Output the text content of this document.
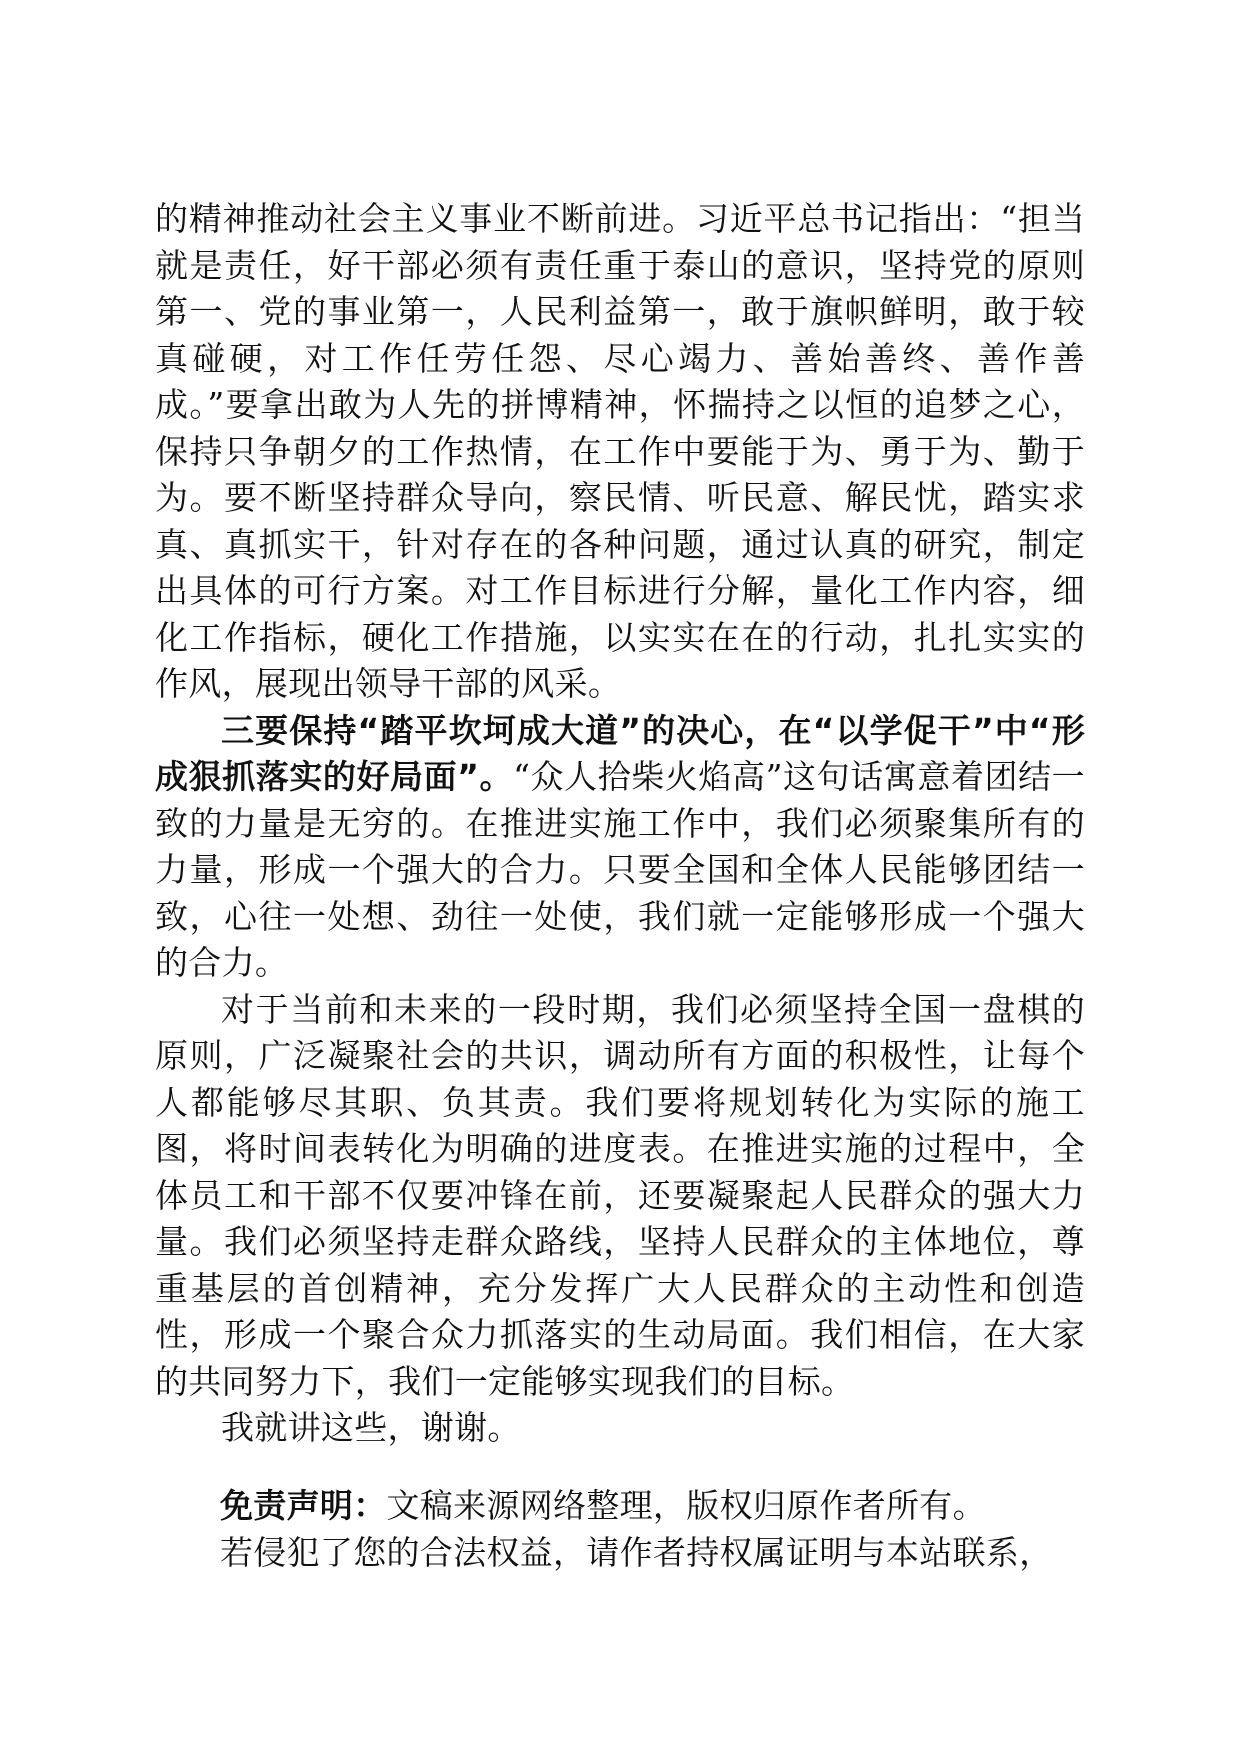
的精神推动社会主义事业不断前进。习近平总书记指出：“担当就是责任，好干部必须有责任重于泰山的意识，坚持党的原则第一、党的事业第一，人民利益第一，敢于旗帜鲜明，敢于较真碰硬，对工作任劳任怨、尽心竭力、善始善终、善作善成。”要拿出敢为人先的拼博精神，怀揣持之以恒的追梦之心，保持只争朝夕的工作热情，在工作中要能于为、勇于为、勤于为。要不断坚持群众导向，察民情、听民意、解民忧，踏实求真、真抓实干，针对存在的各种问题，通过认真的研究，制定出具体的可行方案。对工作目标进行分解，量化工作内容，细化工作指标，硬化工作措施，以实实在在的行动，扎扎实实的作风，展现出领导干部的风采。

三要保持“踏平坎坷成大道”的决心，在“以学促干”中“形成狠抓落实的好局面”。“众人拾柴火焰高”这句话寓意着团结一致的力量是无穷的。在推进实施工作中，我们必须聚集所有的力量，形成一个强大的合力。只要全国和全体人民能够团结一致，心往一处想、劲往一处使，我们就一定能够形成一个强大的合力。

对于当前和未来的一段时期，我们必须坚持全国一盘棋的原则，广泛凝聚社会的共识，调动所有方面的积极性，让每个人都能够尽其职、负其责。我们要将规划转化为实际的施工图，将时间表转化为明确的进度表。在推进实施的过程中，全体员工和干部不仅要冲锋在前，还要凝聚起人民群众的强大力量。我们必须坚持走群众路线，坚持人民群众的主体地位，尊重基层的首创精神，充分发挥广大人民群众的主动性和创造性，形成一个聚合众力抓落实的生动局面。我们相信，在大家的共同努力下，我们一定能够实现我们的目标。

我就讲这些，谢谢。

免责声明：文稿来源网络整理，版权归原作者所有。

若侵犯了您的合法权益，请作者持权属证明与本站联系，
